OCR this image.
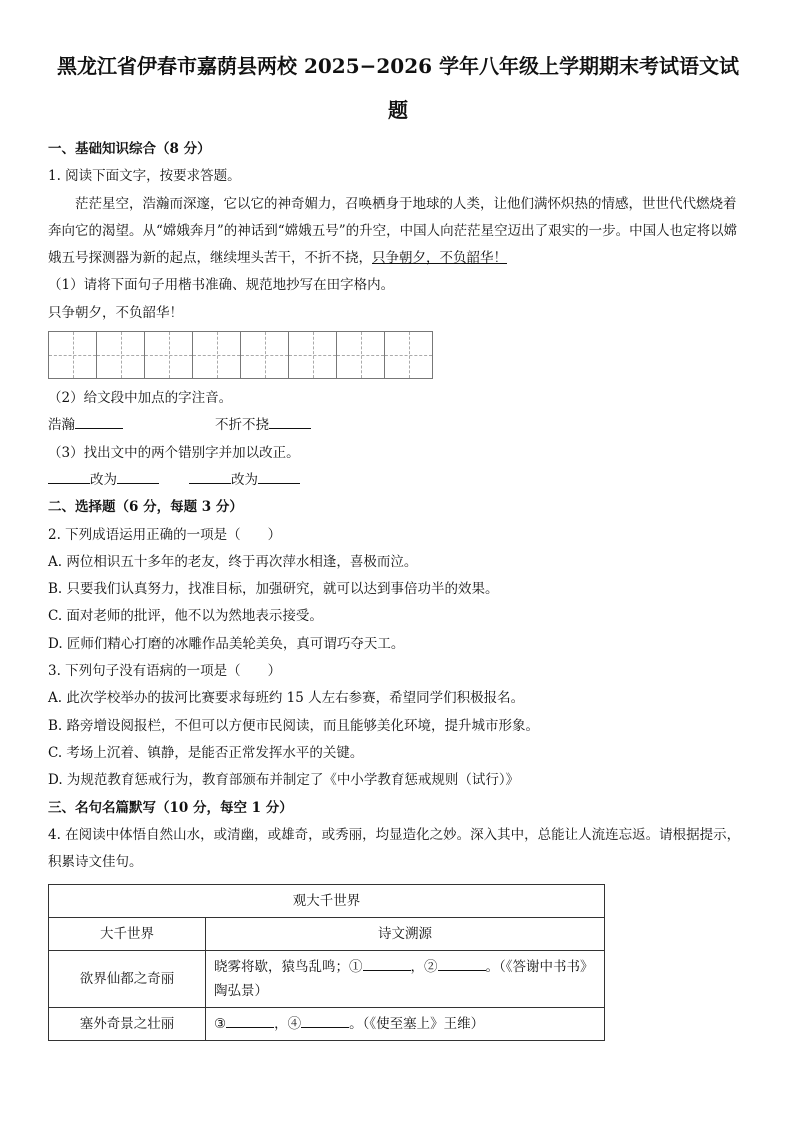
黑龙江省伊春市嘉荫县两校 2025−2026 学年八年级上学期期末考试语文试题

一、基础知识综合（8 分）

1. 阅读下面文字，按要求答题。

茫茫星空，浩瀚而深邃，它以它的神奇媚力，召唤栖身于地球的人类，让他们满怀炽热的情感，世世代代燃烧着奔向它的渴望。从“嫦娥奔月”的神话到“嫦娥五号”的升空，中国人向茫茫星空迈出了艰实的一步。中国人也定将以嫦娥五号探测器为新的起点，继续埋头苦干，不折不挠，只争朝夕，不负韶华！

（1）请将下面句子用楷书准确、规范地抄写在田字格内。

只争朝夕，不负韶华！

（2）给文段中加点的字注音。

浩瀚	不折不挠

（3）找出文中的两个错别字并加以改正。

改为	改为

二、选择题（6 分，每题 3 分）

2. 下列成语运用正确的一项是（　　）

A. 两位相识五十多年的老友，终于再次萍水相逢，喜极而泣。

B. 只要我们认真努力，找准目标，加强研究，就可以达到事倍功半的效果。

C. 面对老师的批评，他不以为然地表示接受。

D. 匠师们精心打磨的冰雕作品美轮美奂，真可谓巧夺天工。

3. 下列句子没有语病的一项是（　　）

A. 此次学校举办的拔河比赛要求每班约 15 人左右参赛，希望同学们积极报名。

B. 路旁增设阅报栏，不但可以方便市民阅读，而且能够美化环境，提升城市形象。

C. 考场上沉着、镇静，是能否正常发挥水平的关键。

D. 为规范教育惩戒行为，教育部颁布并制定了《中小学教育惩戒规则（试行）》

三、名句名篇默写（10 分，每空 1 分）

4. 在阅读中体悟自然山水，或清幽，或雄奇，或秀丽，均显造化之妙。深入其中，总能让人流连忘返。请根据提示，积累诗文佳句。

观大千世界	
大千世界	诗文溯源
欲界仙都之奇丽	晓雾将歇，猿鸟乱鸣；① ，② 。（《答谢中书书》陶弘景）
塞外奇景之壮丽	③ ，④ 。（《使至塞上》王维）
